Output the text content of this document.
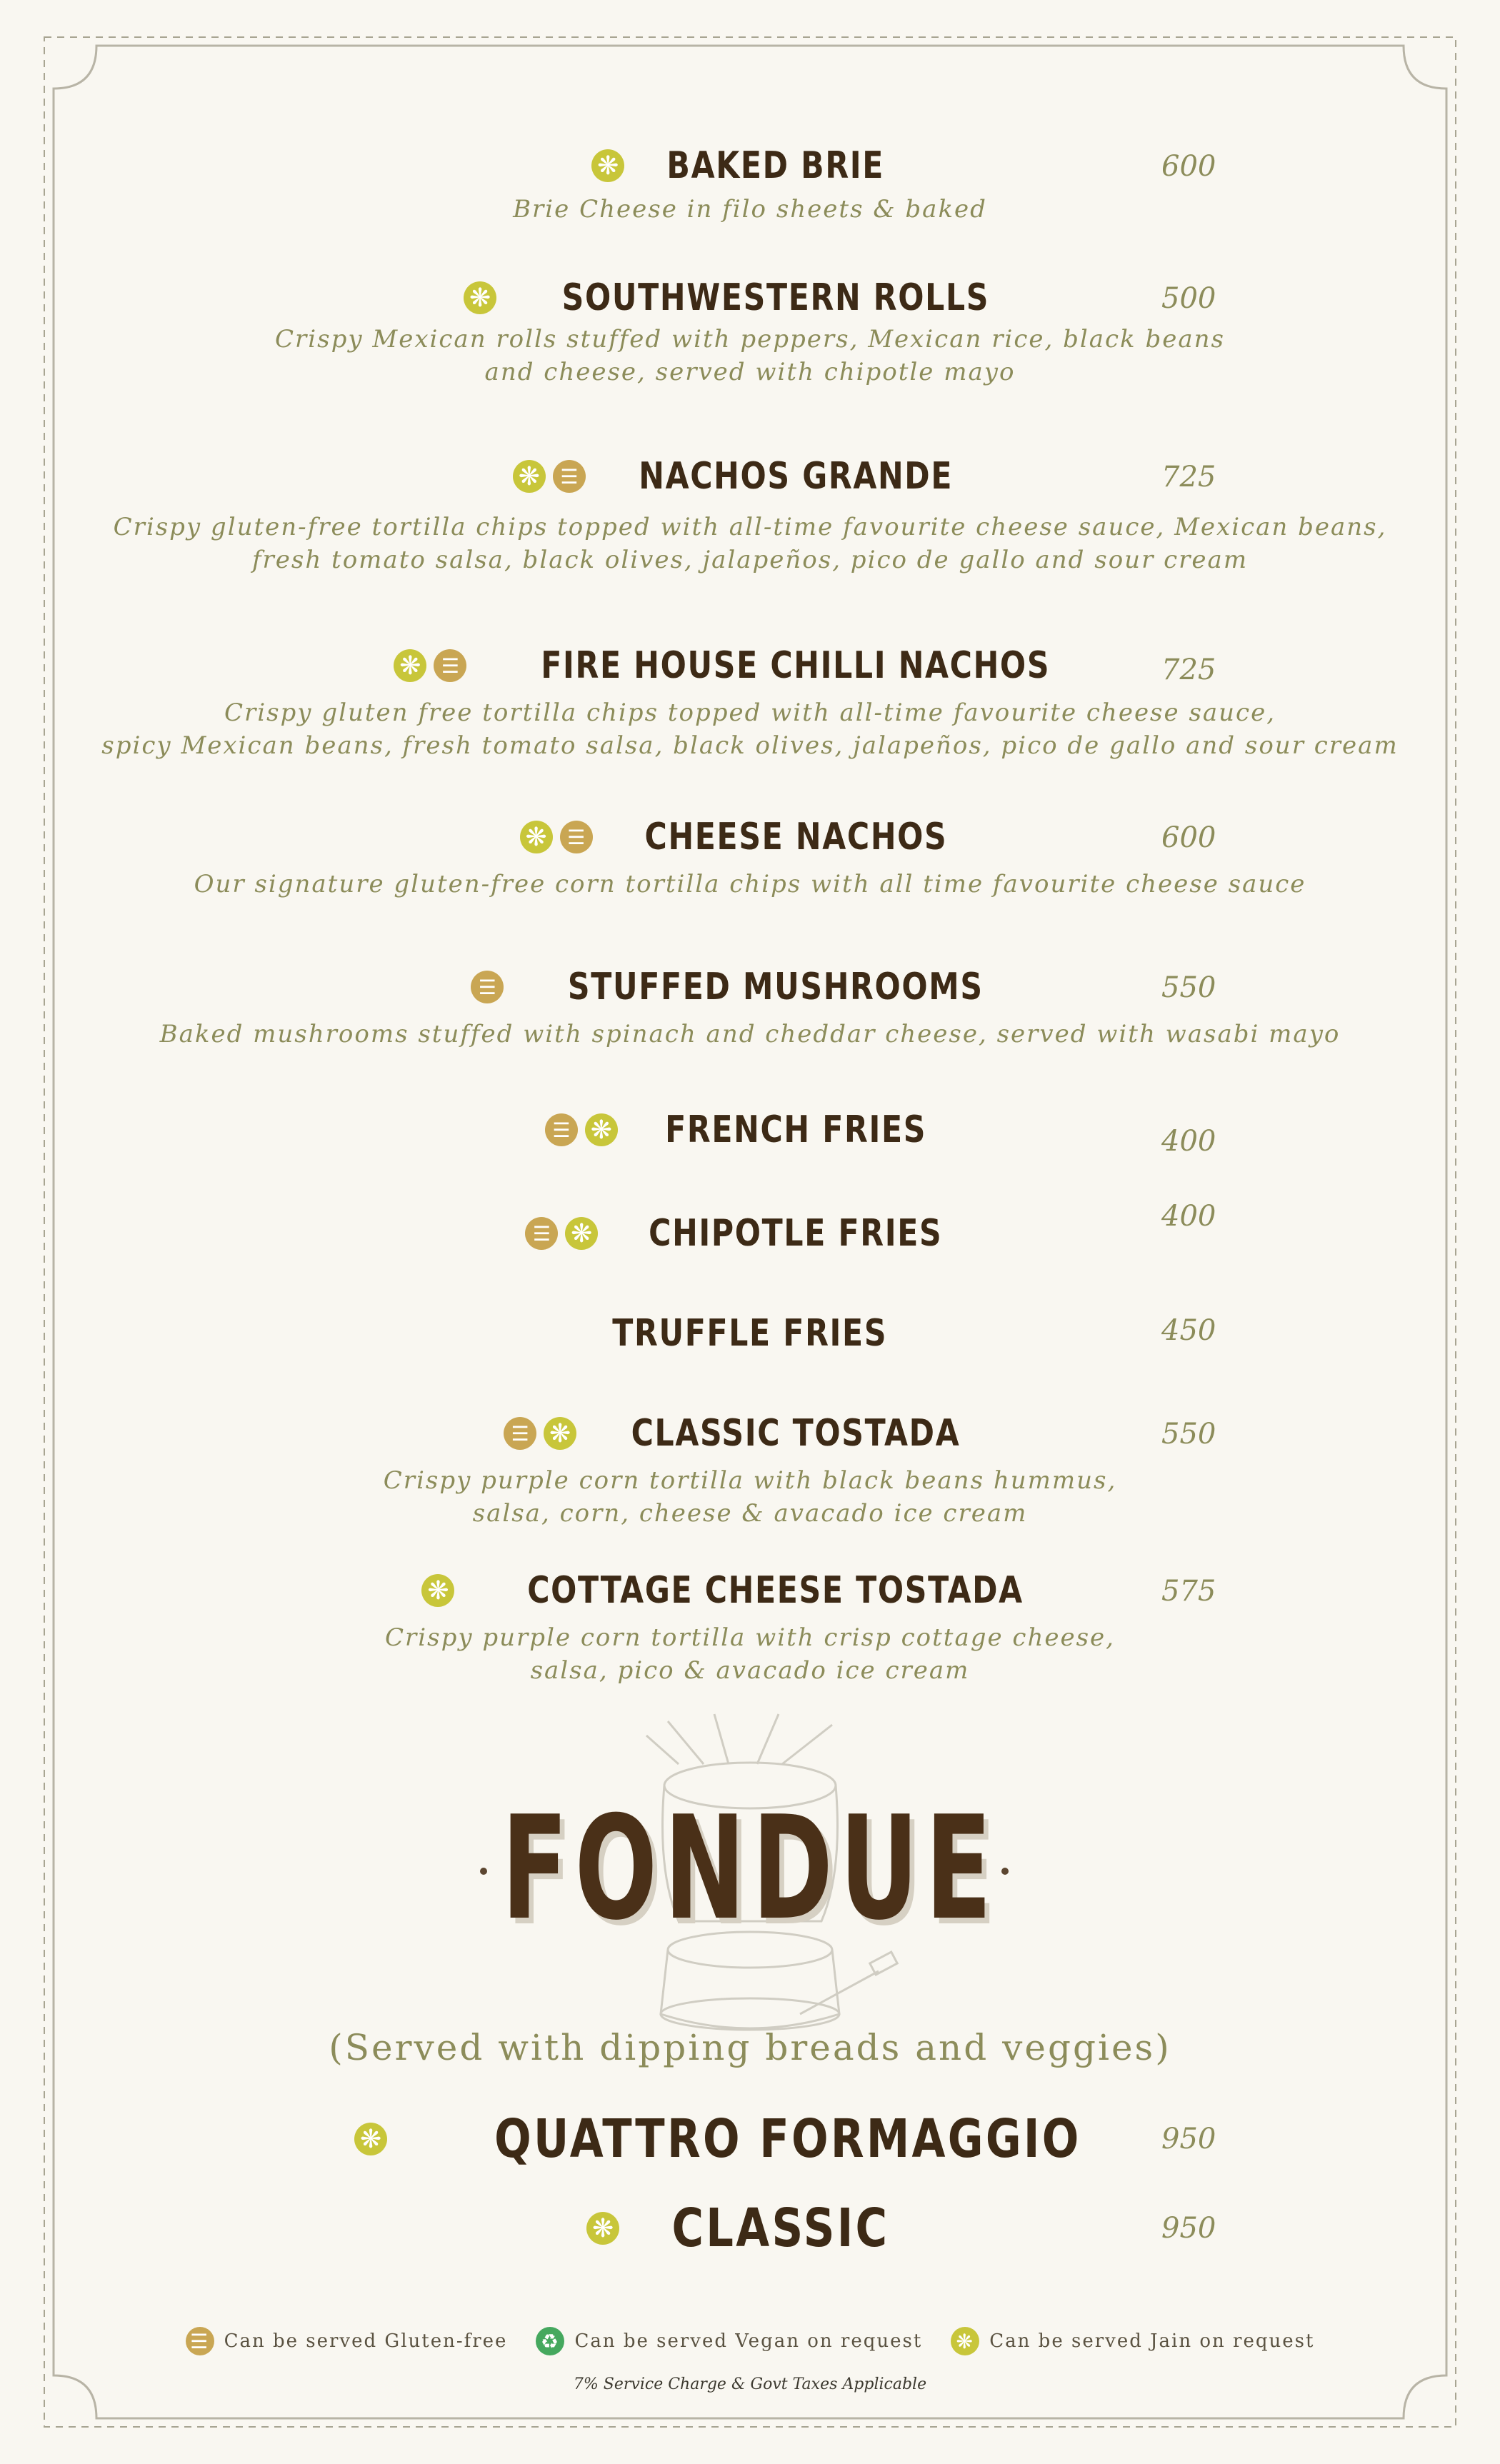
❋ BAKED BRIE	600
Brie Cheese in filo sheets & baked
❋ SOUTHWESTERN ROLLS	500
Crispy Mexican rolls stuffed with peppers, Mexican rice, black beans
and cheese, served with chipotle mayo
❋	☰ NACHOS GRANDE	725
Crispy gluten-free tortilla chips topped with all-time favourite cheese sauce, Mexican beans,
fresh tomato salsa, black olives, jalapeños, pico de gallo and sour cream
❋	☰ FIRE HOUSE CHILLI NACHOS	725
Crispy gluten free tortilla chips topped with all-time favourite cheese sauce,
spicy Mexican beans, fresh tomato salsa, black olives, jalapeños, pico de gallo and sour cream
❋	☰ CHEESE NACHOS	600
Our signature gluten-free corn tortilla chips with all time favourite cheese sauce
☰ STUFFED MUSHROOMS	550
Baked mushrooms stuffed with spinach and cheddar cheese, served with wasabi mayo
☰ ❋ FRENCH FRIES	400
☰ ❋ CHIPOTLE FRIES	400
TRUFFLE FRIES	450
☰ ❋ CLASSIC TOSTADA	550
Crispy purple corn tortilla with black beans hummus,
salsa, corn, cheese & avacado ice cream
❋ COTTAGE CHEESE TOSTADA	575
Crispy purple corn tortilla with crisp cottage cheese,
salsa, pico & avacado ice cream
FONDUE
(Served with dipping breads and veggies)
❋ QUATTRO FORMAGGIO	950
❋ CLASSIC	950
☰ Can be served Gluten-free ♻ Can be served Vegan on request ❋ Can be served Jain on request
7% Service Charge & Govt Taxes Applicable
